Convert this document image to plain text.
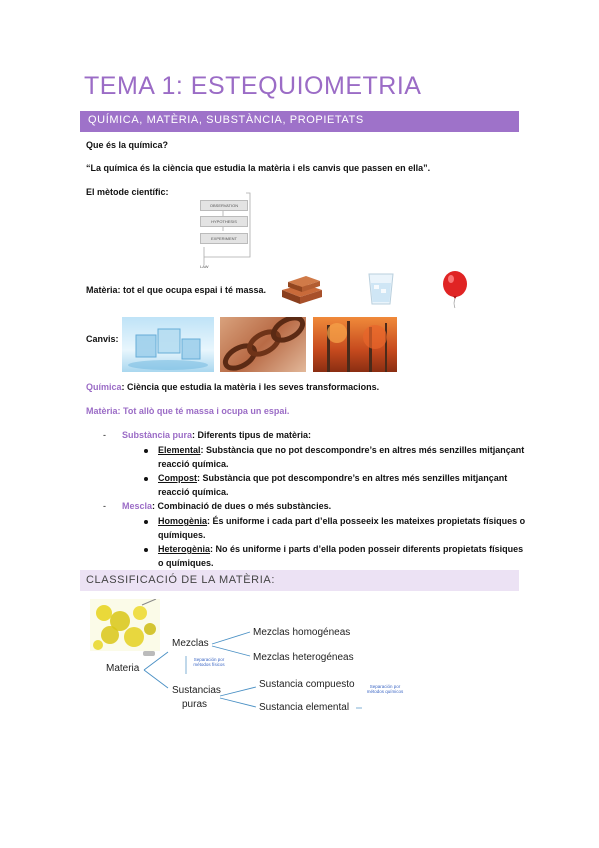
TEMA 1: ESTEQUIOMETRIA
QUÍMICA, MATÈRIA, SUBSTÀNCIA, PROPIETATS
Que és la química?
“La química és la ciència que estudia la matèria i els canvis que passen en ella”.
El mètode científic:
OBSERVATION
HYPOTHESIS
EXPERIMENT
LAW
Matèria: tot el que ocupa espai i té massa.
Canvis:
Química: Ciència que estudia la matèria i les seves transformacions.
Matèria: Tot allò que té massa i ocupa un espai.
- Substància pura: Diferents tipus de matèria:
Elemental: Substància que no pot descompondre’s en altres més senzilles mitjançant
reacció química.
Compost: Substància que pot descompondre’s en altres més senzilles mitjançant
reacció química.
- Mescla: Combinació de dues o més substàncies.
Homogènia: És uniforme i cada part d’ella posseeix les mateixes propietats físiques o
químiques.
Heterogènia: No és uniforme i parts d’ella poden posseir diferents propietats físiques
o químiques.
CLASSIFICACIÓ DE LA MATÈRIA:
Materia
Mezclas
Sustancias
puras
Mezclas homogéneas
Mezclas heterogéneas
Sustancia compuesto
Sustancia elemental
Separación por métodos físicos
Separación por métodos químicos
